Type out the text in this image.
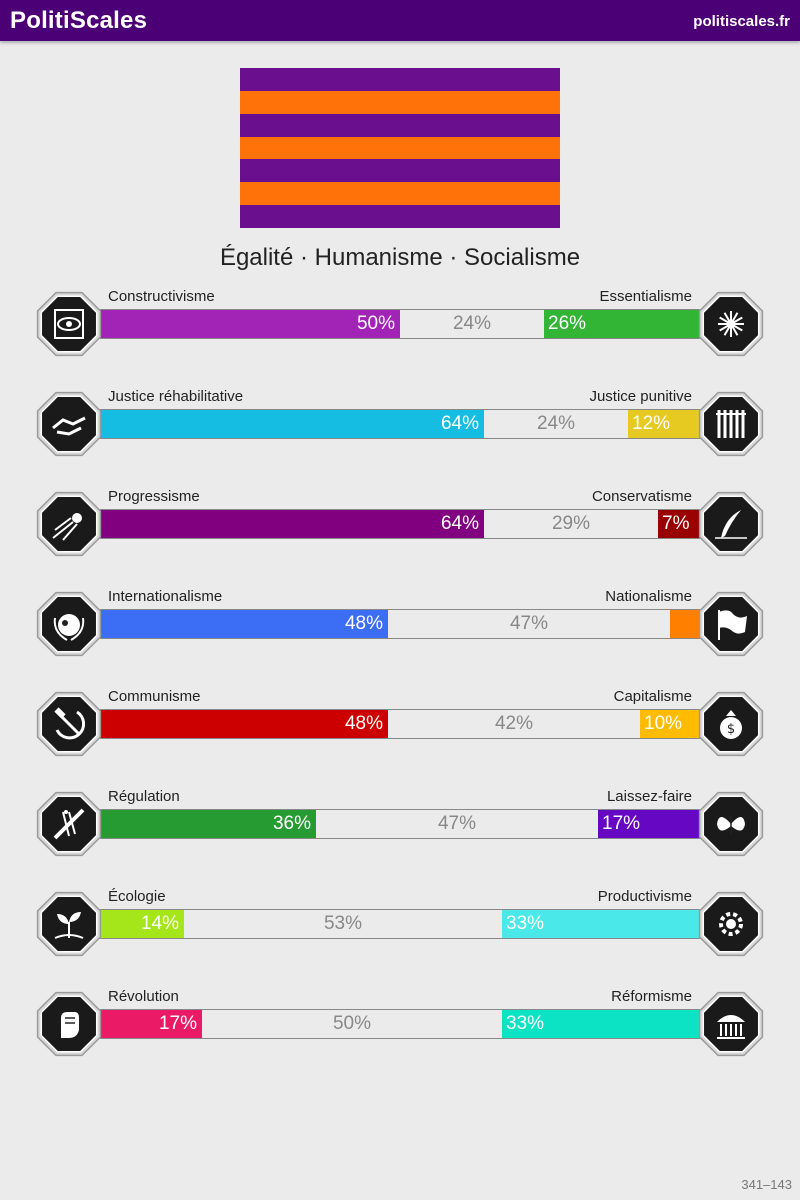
PolitiScales	politiscales.fr
Égalité · Humanisme · Socialisme
Constructivisme	Essentialisme
50%	24%	26%
Justice réhabilitative	Justice punitive
64%	24%	12%
Progressisme	Conservatisme
64%	29%	7%
Internationalisme	Nationalisme
48%	47%
Communisme	Capitalisme
48%	42%	10%	$
Régulation	Laissez-faire
36%	47%	17%
Écologie	Productivisme
14%	53%	33%
Révolution	Réformisme
17%	50%	33%
341–143
